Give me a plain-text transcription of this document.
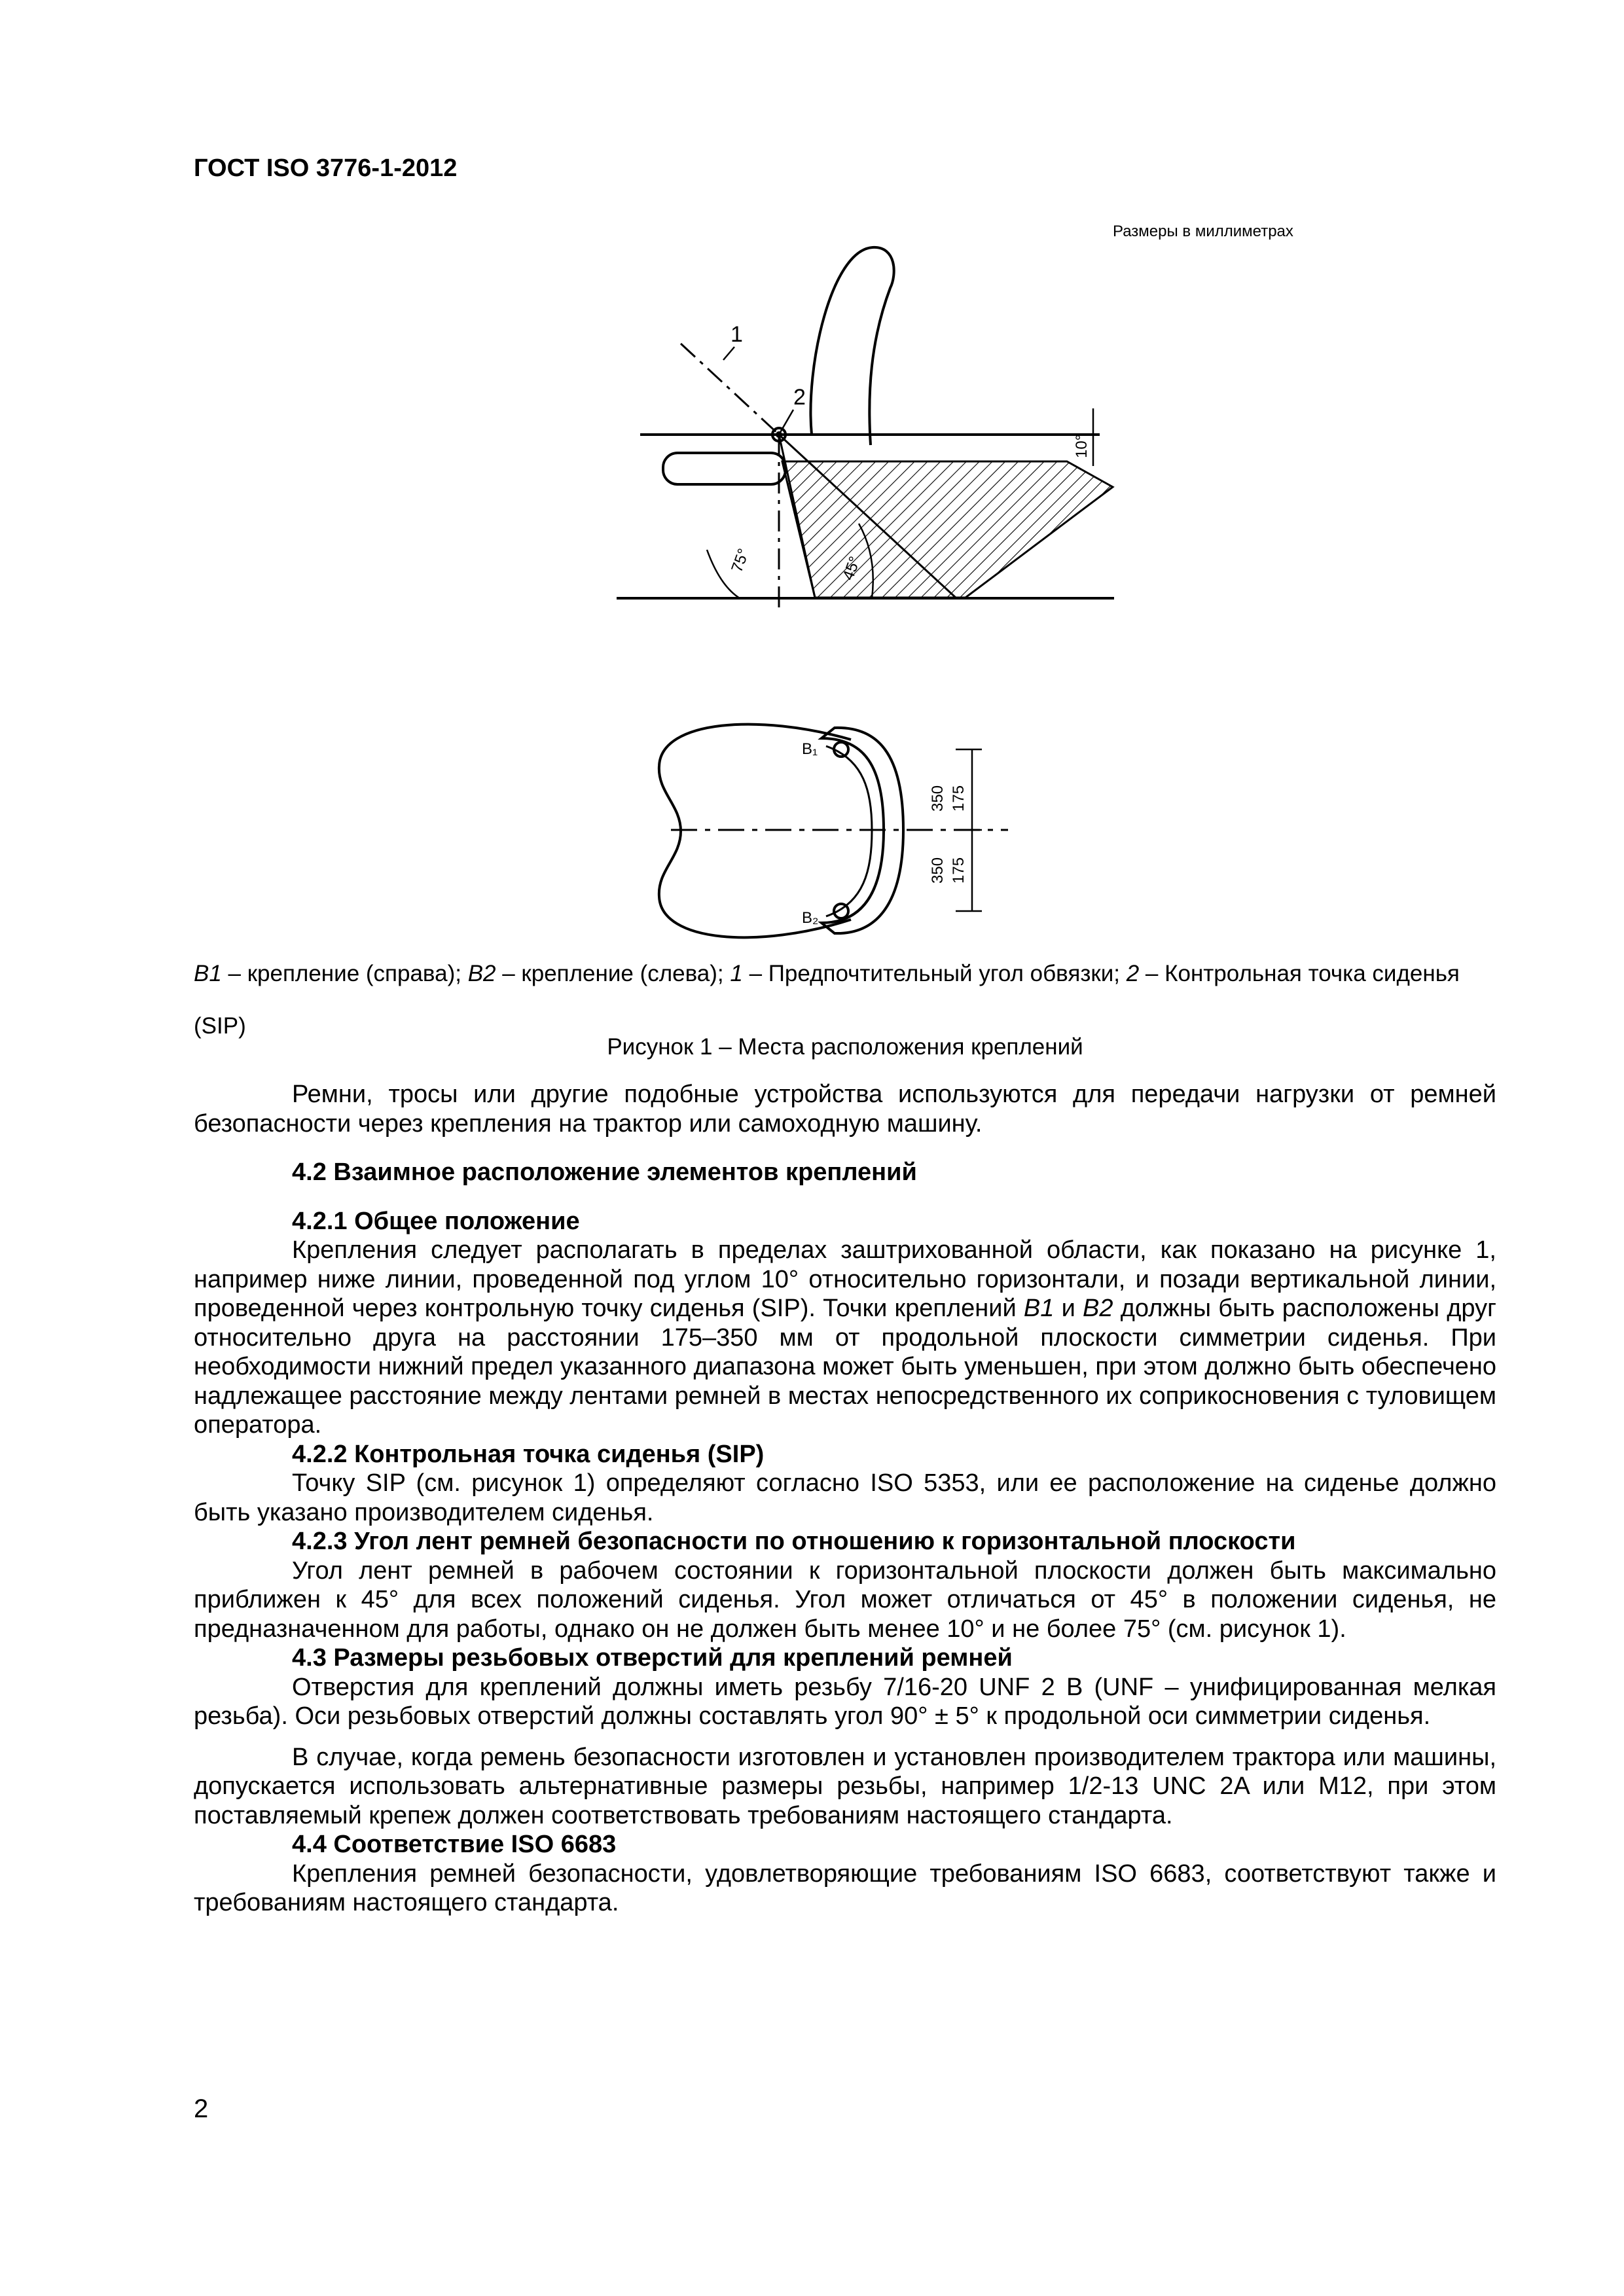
ГОСТ ISO 3776-1-2012
Размеры в миллиметрах
1
2
10°
75°	45°
B₁
B₂
350 175
350 175
B1 – крепление (справа); B2 – крепление (слева); 1 – Предпочтительный угол обвязки; 2 – Контрольная точка сиденья (SIP)
Рисунок 1 – Места расположения креплений

Ремни, тросы или другие подобные устройства используются для передачи нагрузки от ремней безопасности через крепления на трактор или самоходную машину.

4.2 Взаимное расположение элементов креплений
4.2.1 Общее положение

Крепления следует располагать в пределах заштрихованной области, как показано на рисунке 1, например ниже линии, проведенной под углом 10° относительно горизонтали, и позади вертикальной линии, проведенной через контрольную точку сиденья (SIP). Точки креплений B1 и B2 должны быть расположены друг относительно друга на расстоянии 175–350 мм от продольной плоскости симметрии сиденья. При необходимости нижний предел указанного диапазона может быть уменьшен, при этом должно быть обеспечено надлежащее расстояние между лентами ремней в местах непосредственного их соприкосновения с туловищем оператора.

4.2.2 Контрольная точка сиденья (SIP)

Точку SIP (см. рисунок 1) определяют согласно ISO 5353, или ее расположение на сиденье должно быть указано производителем сиденья.

4.2.3 Угол лент ремней безопасности по отношению к горизонтальной плоскости

Угол лент ремней в рабочем состоянии к горизонтальной плоскости должен быть максимально приближен к 45° для всех положений сиденья. Угол может отличаться от 45° в положении сиденья, не предназначенном для работы, однако он не должен быть менее 10° и не более 75° (см. рисунок 1).

4.3 Размеры резьбовых отверстий для креплений ремней

Отверстия для креплений должны иметь резьбу 7/16-20 UNF 2 B (UNF – унифицированная мелкая резьба). Оси резьбовых отверстий должны составлять угол 90° ± 5° к продольной оси симметрии сиденья.

В случае, когда ремень безопасности изготовлен и установлен производителем трактора или машины, допускается использовать альтернативные размеры резьбы, например 1/2-13 UNC 2A или M12, при этом поставляемый крепеж должен соответствовать требованиям настоящего стандарта.

4.4 Соответствие ISO 6683

Крепления ремней безопасности, удовлетворяющие требованиям ISO 6683, соответствуют также и требованиям настоящего стандарта.

2
